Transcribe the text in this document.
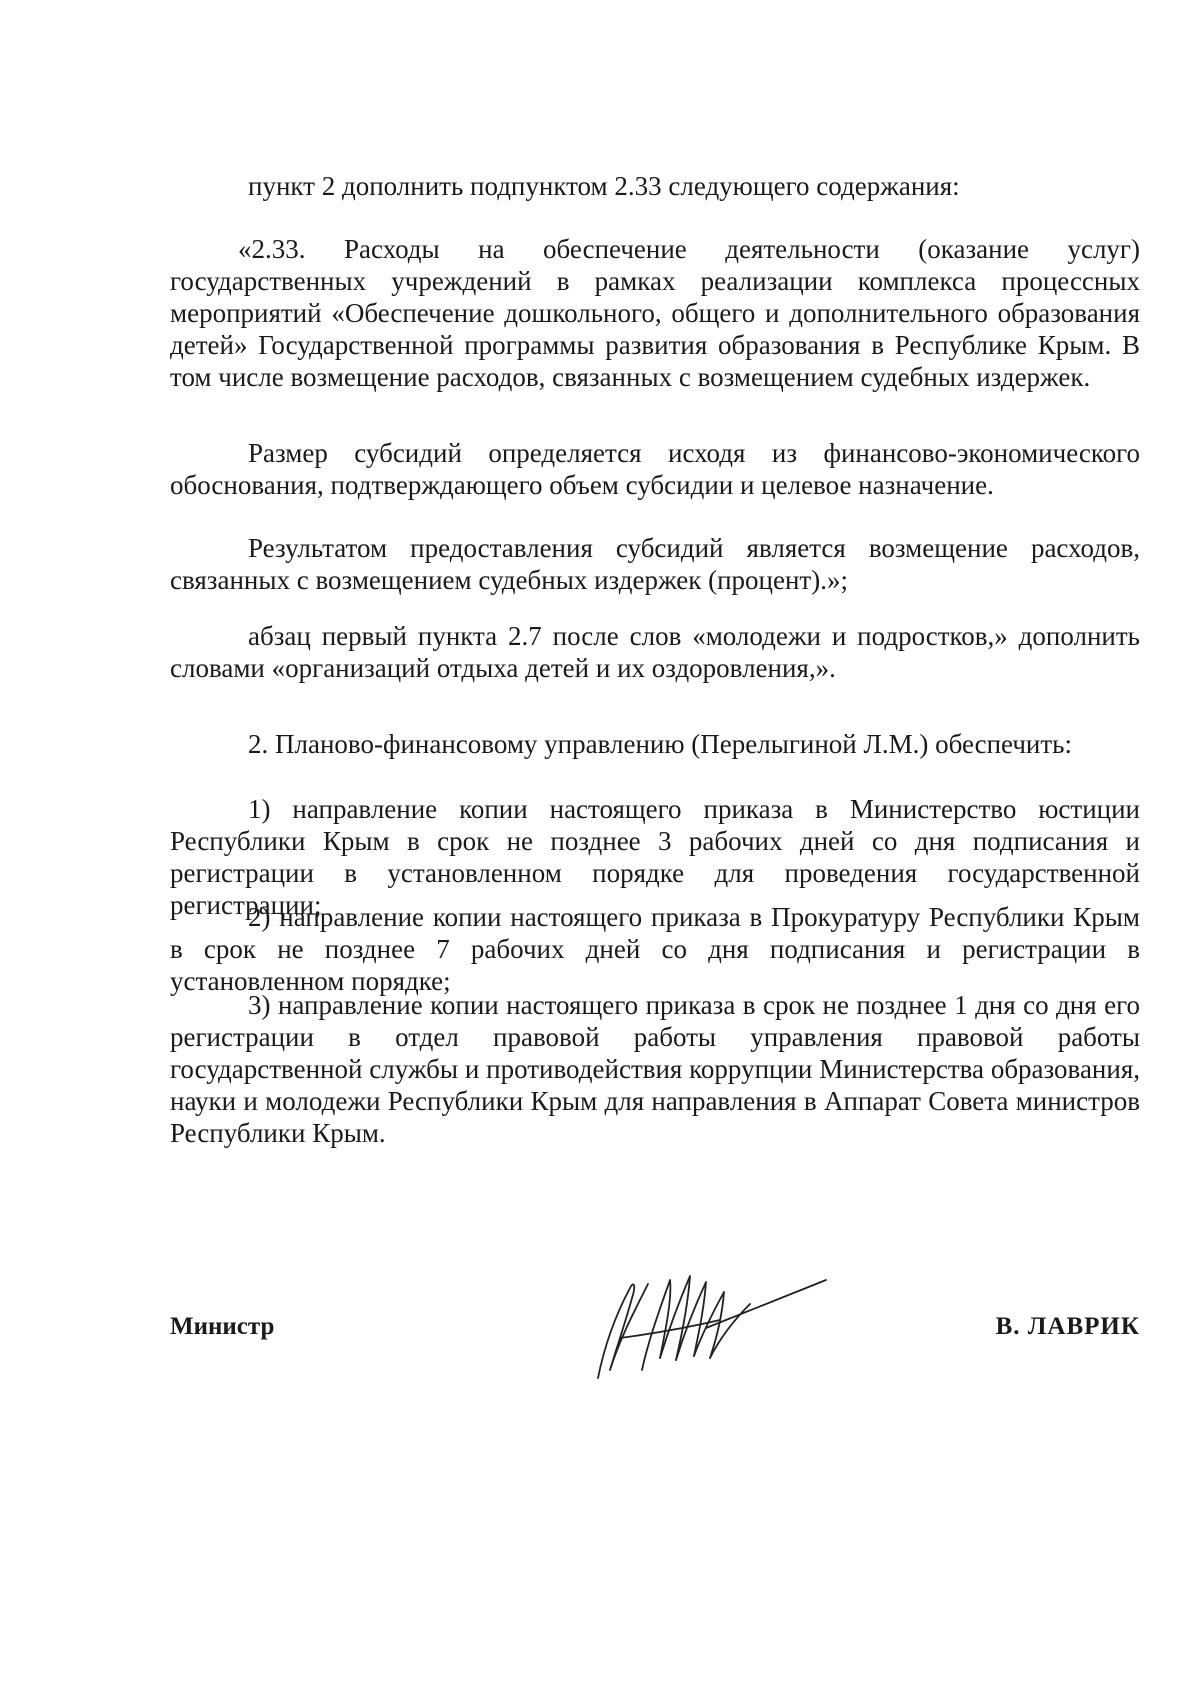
пункт 2 дополнить подпунктом 2.33 следующего содержания:

«2.33. Расходы на обеспечение деятельности (оказание услуг) государственных учреждений в рамках реализации комплекса процессных мероприятий «Обеспечение дошкольного, общего и дополнительного образования детей» Государственной программы развития образования в Республике Крым. В том числе возмещение расходов, связанных с возмещением судебных издержек.

Размер субсидий определяется исходя из финансово-экономического обоснования, подтверждающего объем субсидии и целевое назначение.

Результатом предоставления субсидий является возмещение расходов, связанных с возмещением судебных издержек (процент).»;

абзац первый пункта 2.7 после слов «молодежи и подростков,» дополнить словами «организаций отдыха детей и их оздоровления,».

2. Планово-финансовому управлению (Перелыгиной Л.М.) обеспечить:

1) направление копии настоящего приказа в Министерство юстиции Республики Крым в срок не позднее 3 рабочих дней со дня подписания и регистрации в установленном порядке для проведения государственной регистрации;

2) направление копии настоящего приказа в Прокуратуру Республики Крым в срок не позднее 7 рабочих дней со дня подписания и регистрации в установленном порядке;

3) направление копии настоящего приказа в срок не позднее 1 дня со дня его регистрации в отдел правовой работы управления правовой работы государственной службы и противодействия коррупции Министерства образования, науки и молодежи Республики Крым для направления в Аппарат Совета министров Республики Крым.

Министр	В. ЛАВРИК
